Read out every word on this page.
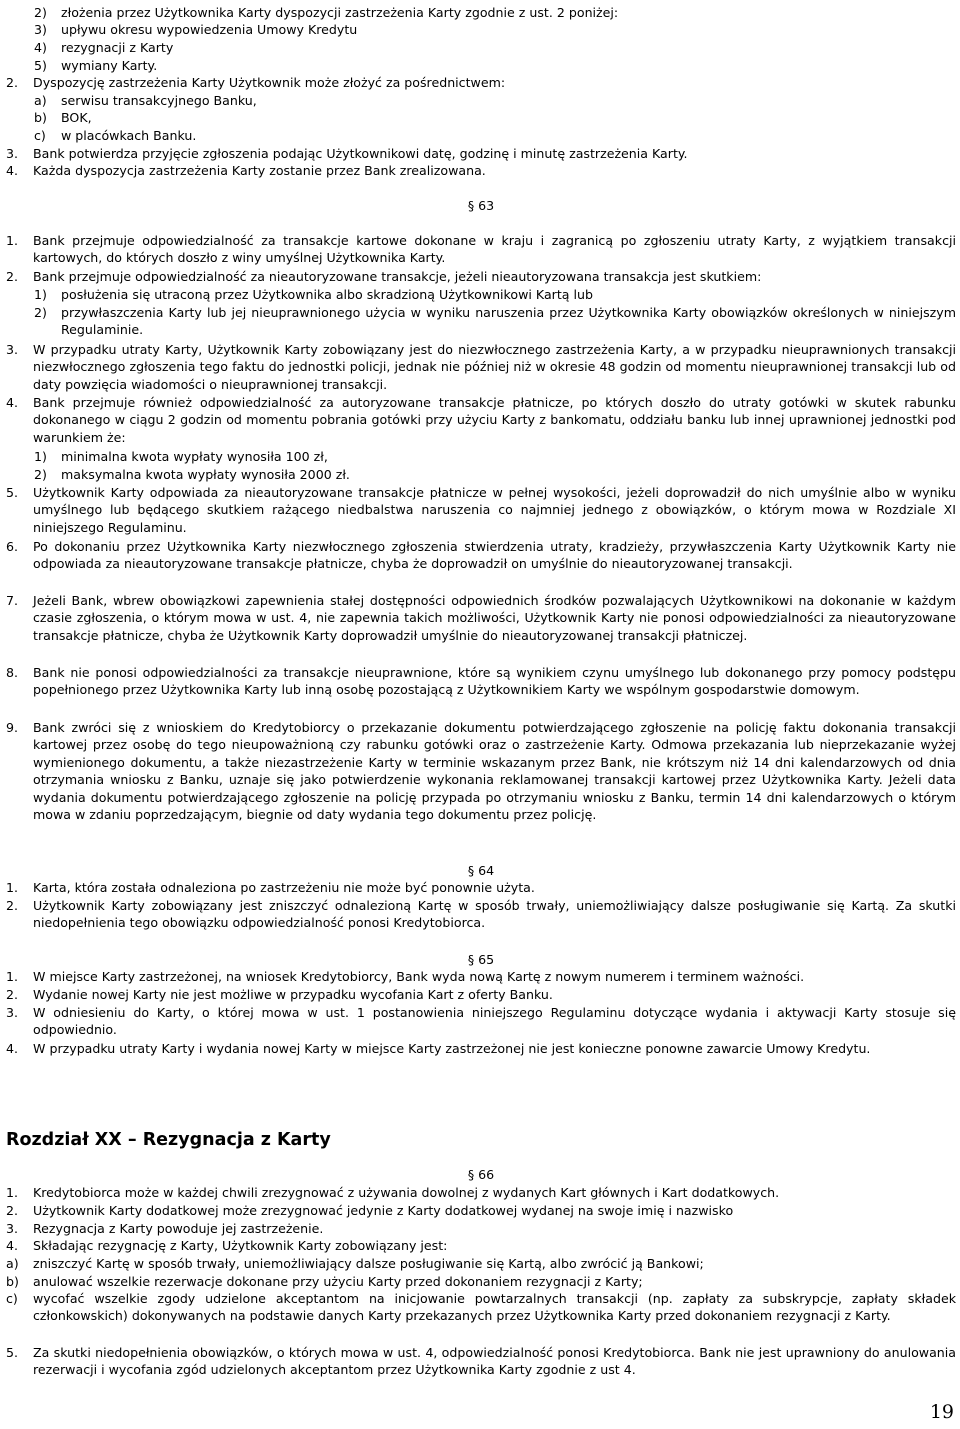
2)	złożenia przez Użytkownika Karty dyspozycji zastrzeżenia Karty zgodnie z ust. 2 poniżej:
3)	upływu okresu wypowiedzenia Umowy Kredytu
4)	rezygnacji z Karty
5)	wymiany Karty.
2.	Dyspozycję zastrzeżenia Karty Użytkownik może złożyć za pośrednictwem:
a)	serwisu transakcyjnego Banku,
b)	BOK,
c)	w placówkach Banku.
3.	Bank potwierdza przyjęcie zgłoszenia podając Użytkownikowi datę, godzinę i minutę zastrzeżenia Karty.
4.	Każda dyspozycja zastrzeżenia Karty zostanie przez Bank zrealizowana.
§ 63
1.	Bank przejmuje odpowiedzialność za transakcje kartowe dokonane w kraju i zagranicą po zgłoszeniu utraty Karty, z wyjątkiem transakcji kartowych, do których doszło z winy umyślnej Użytkownika Karty.
2.	Bank przejmuje odpowiedzialność za nieautoryzowane transakcje, jeżeli nieautoryzowana transakcja jest skutkiem:
1)	posłużenia się utraconą przez Użytkownika albo skradzioną Użytkownikowi Kartą lub
2)	przywłaszczenia Karty lub jej nieuprawnionego użycia w wyniku naruszenia przez Użytkownika Karty obowiązków określonych w niniejszym Regulaminie.
3.	W przypadku utraty Karty, Użytkownik Karty zobowiązany jest do niezwłocznego zastrzeżenia Karty, a w przypadku nieuprawnionych transakcji niezwłocznego zgłoszenia tego faktu do jednostki policji, jednak nie później niż w okresie 48 godzin od momentu nieuprawnionej transakcji lub od daty powzięcia wiadomości o nieuprawnionej transakcji.
4.	Bank przejmuje również odpowiedzialność za autoryzowane transakcje płatnicze, po których doszło do utraty gotówki w skutek rabunku dokonanego w ciągu 2 godzin od momentu pobrania gotówki przy użyciu Karty z bankomatu, oddziału banku lub innej uprawnionej jednostki pod warunkiem że:
1)	minimalna kwota wypłaty wynosiła 100 zł,
2)	maksymalna kwota wypłaty wynosiła 2000 zł.
5.	Użytkownik Karty odpowiada za nieautoryzowane transakcje płatnicze w pełnej wysokości, jeżeli doprowadził do nich umyślnie albo w wyniku umyślnego lub będącego skutkiem rażącego niedbalstwa naruszenia co najmniej jednego z obowiązków, o którym mowa w Rozdziale XI niniejszego Regulaminu.
6.	Po dokonaniu przez Użytkownika Karty niezwłocznego zgłoszenia stwierdzenia utraty, kradzieży, przywłaszczenia Karty Użytkownik Karty nie odpowiada za nieautoryzowane transakcje płatnicze, chyba że doprowadził on umyślnie do nieautoryzowanej transakcji.
7.	Jeżeli Bank, wbrew obowiązkowi zapewnienia stałej dostępności odpowiednich środków pozwalających Użytkownikowi na dokonanie w każdym czasie zgłoszenia, o którym mowa w ust. 4, nie zapewnia takich możliwości, Użytkownik Karty nie ponosi odpowiedzialności za nieautoryzowane transakcje płatnicze, chyba że Użytkownik Karty doprowadził umyślnie do nieautoryzowanej transakcji płatniczej.
8.	Bank nie ponosi odpowiedzialności za transakcje nieuprawnione, które są wynikiem czynu umyślnego lub dokonanego przy pomocy podstępu popełnionego przez Użytkownika Karty lub inną osobę pozostającą z Użytkownikiem Karty we wspólnym gospodarstwie domowym.
9.	Bank zwróci się z wnioskiem do Kredytobiorcy o przekazanie dokumentu potwierdzającego zgłoszenie na policję faktu dokonania transakcji kartowej przez osobę do tego nieupoważnioną czy rabunku gotówki oraz o zastrzeżenie Karty. Odmowa przekazania lub nieprzekazanie wyżej wymienionego dokumentu, a także niezastrzeżenie Karty w terminie wskazanym przez Bank, nie krótszym niż 14 dni kalendarzowych od dnia otrzymania wniosku z Banku, uznaje się jako potwierdzenie wykonania reklamowanej transakcji kartowej przez Użytkownika Karty. Jeżeli data wydania dokumentu potwierdzającego zgłoszenie na policję przypada po otrzymaniu wniosku z Banku, termin 14 dni kalendarzowych o którym mowa w zdaniu poprzedzającym, biegnie od daty wydania tego dokumentu przez policję.
§ 64
1.	Karta, która została odnaleziona po zastrzeżeniu nie może być ponownie użyta.
2.	Użytkownik Karty zobowiązany jest zniszczyć odnalezioną Kartę w sposób trwały, uniemożliwiający dalsze posługiwanie się Kartą. Za skutki niedopełnienia tego obowiązku odpowiedzialność ponosi Kredytobiorca.
§ 65
1.	W miejsce Karty zastrzeżonej, na wniosek Kredytobiorcy, Bank wyda nową Kartę z nowym numerem i terminem ważności.
2.	Wydanie nowej Karty nie jest możliwe w przypadku wycofania Kart z oferty Banku.
3.	W odniesieniu do Karty, o której mowa w ust. 1 postanowienia niniejszego Regulaminu dotyczące wydania i aktywacji Karty stosuje się odpowiednio.
4.	W przypadku utraty Karty i wydania nowej Karty w miejsce Karty zastrzeżonej nie jest konieczne ponowne zawarcie Umowy Kredytu.
Rozdział XX – Rezygnacja z Karty
§ 66
1.	Kredytobiorca może w każdej chwili zrezygnować z używania dowolnej z wydanych Kart głównych i Kart dodatkowych.
2.	Użytkownik Karty dodatkowej może zrezygnować jedynie z Karty dodatkowej wydanej na swoje imię i nazwisko
3.	Rezygnacja z Karty powoduje jej zastrzeżenie.
4.	Składając rezygnację z Karty, Użytkownik Karty zobowiązany jest:
a)	zniszczyć Kartę w sposób trwały, uniemożliwiający dalsze posługiwanie się Kartą, albo zwrócić ją Bankowi;
b)	anulować wszelkie rezerwacje dokonane przy użyciu Karty przed dokonaniem rezygnacji z Karty;
c)	wycofać wszelkie zgody udzielone akceptantom na inicjowanie powtarzalnych transakcji (np. zapłaty za subskrypcje, zapłaty składek członkowskich) dokonywanych na podstawie danych Karty przekazanych przez Użytkownika Karty przed dokonaniem rezygnacji z Karty.
5.	Za skutki niedopełnienia obowiązków, o których mowa w ust. 4, odpowiedzialność ponosi Kredytobiorca. Bank nie jest uprawniony do anulowania rezerwacji i wycofania zgód udzielonych akceptantom przez Użytkownika Karty zgodnie z ust 4.
19
